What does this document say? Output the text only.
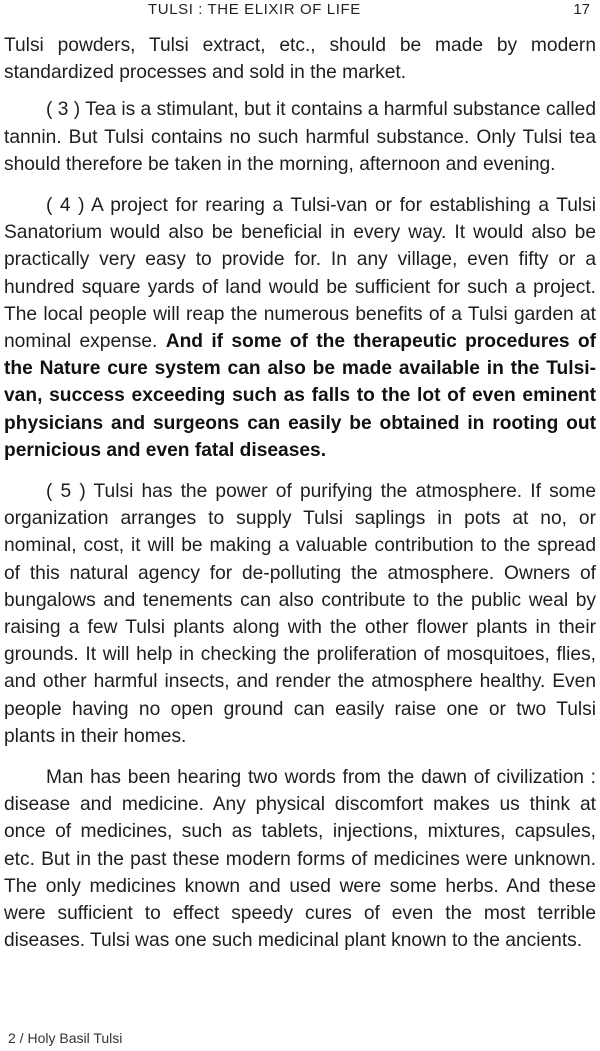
TULSI : THE ELIXIR OF LIFE	17

Tulsi powders, Tulsi extract, etc., should be made by modern standardized processes and sold in the market.

( 3 ) Tea is a stimulant, but it contains a harmful substance called tannin. But Tulsi contains no such harmful substance. Only Tulsi tea should therefore be taken in the morning, afternoon and evening.

( 4 ) A project for rearing a Tulsi-van or for establishing a Tulsi Sanatorium would also be beneficial in every way. It would also be practically very easy to provide for. In any village, even fifty or a hundred square yards of land would be sufficient for such a project. The local people will reap the numerous benefits of a Tulsi garden at nominal expense. And if some of the therapeutic procedures of the Nature cure system can also be made available in the Tulsi-van, success exceeding such as falls to the lot of even eminent physicians and surgeons can easily be obtained in rooting out pernicious and even fatal diseases.

( 5 ) Tulsi has the power of purifying the atmosphere. If some organization arranges to supply Tulsi saplings in pots at no, or nominal, cost, it will be making a valuable contribution to the spread of this natural agency for de-polluting the atmosphere. Owners of bungalows and tenements can also contribute to the public weal by raising a few Tulsi plants along with the other flower plants in their grounds. It will help in checking the proliferation of mosquitoes, flies, and other harmful insects, and render the atmosphere healthy. Even people having no open ground can easily raise one or two Tulsi plants in their homes.

Man has been hearing two words from the dawn of civilization : disease and medicine. Any physical discomfort makes us think at once of medicines, such as tablets, injections, mixtures, capsules, etc. But in the past these modern forms of medicines were unknown. The only medicines known and used were some herbs. And these were sufficient to effect speedy cures of even the most terrible diseases. Tulsi was one such medicinal plant known to the ancients.

2 / Holy Basil Tulsi
